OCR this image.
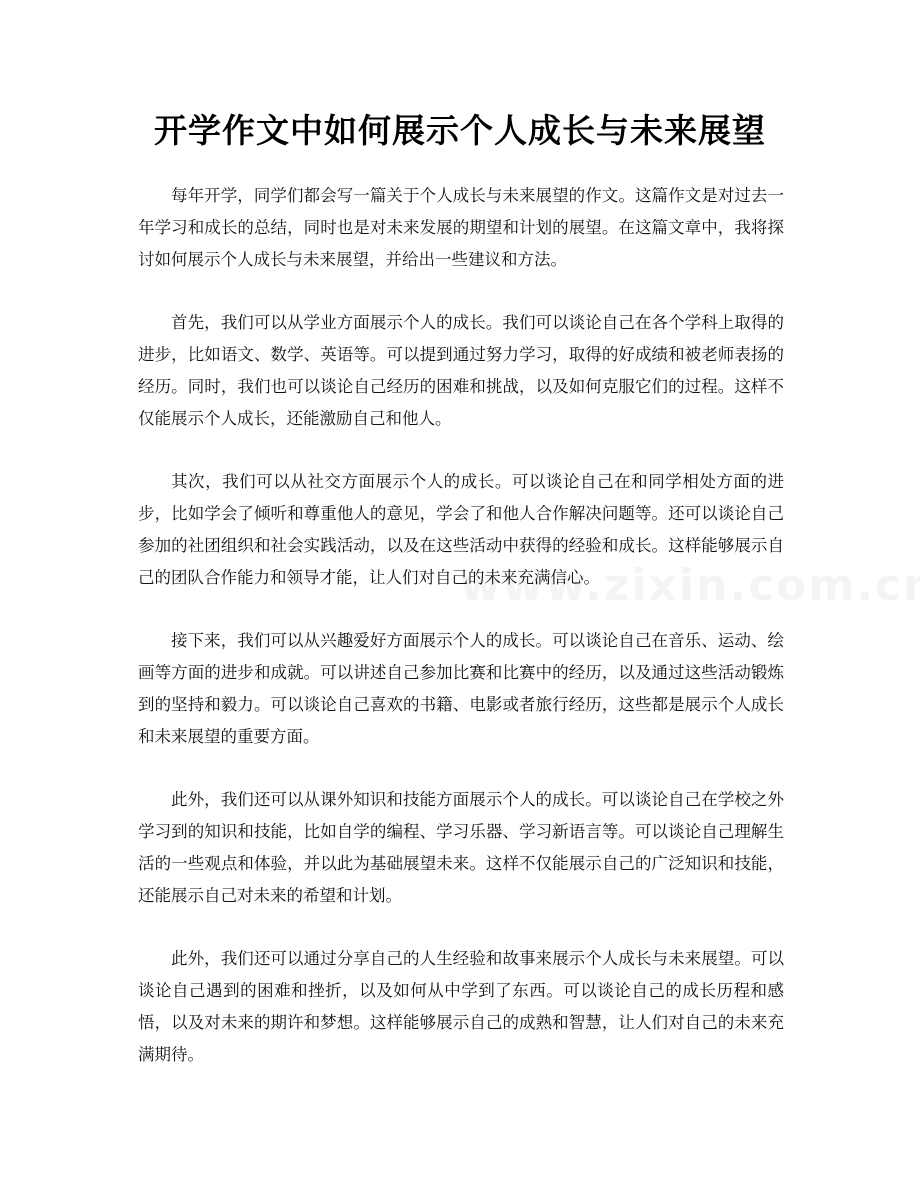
开学作文中如何展示个人成长与未来展望

每年开学，同学们都会写一篇关于个人成长与未来展望的作文。这篇作文是对过去一年学习和成长的总结，同时也是对未来发展的期望和计划的展望。在这篇文章中，我将探讨如何展示个人成长与未来展望，并给出一些建议和方法。

首先，我们可以从学业方面展示个人的成长。我们可以谈论自己在各个学科上取得的进步，比如语文、数学、英语等。可以提到通过努力学习，取得的好成绩和被老师表扬的经历。同时，我们也可以谈论自己经历的困难和挑战，以及如何克服它们的过程。这样不仅能展示个人成长，还能激励自己和他人。

其次，我们可以从社交方面展示个人的成长。可以谈论自己在和同学相处方面的进步，比如学会了倾听和尊重他人的意见，学会了和他人合作解决问题等。还可以谈论自己参加的社团组织和社会实践活动，以及在这些活动中获得的经验和成长。这样能够展示自己的团队合作能力和领导才能，让人们对自己的未来充满信心。

接下来，我们可以从兴趣爱好方面展示个人的成长。可以谈论自己在音乐、运动、绘画等方面的进步和成就。可以讲述自己参加比赛和比赛中的经历，以及通过这些活动锻炼到的坚持和毅力。可以谈论自己喜欢的书籍、电影或者旅行经历，这些都是展示个人成长和未来展望的重要方面。

此外，我们还可以从课外知识和技能方面展示个人的成长。可以谈论自己在学校之外学习到的知识和技能，比如自学的编程、学习乐器、学习新语言等。可以谈论自己理解生活的一些观点和体验，并以此为基础展望未来。这样不仅能展示自己的广泛知识和技能，还能展示自己对未来的希望和计划。

此外，我们还可以通过分享自己的人生经验和故事来展示个人成长与未来展望。可以谈论自己遇到的困难和挫折，以及如何从中学到了东西。可以谈论自己的成长历程和感悟，以及对未来的期许和梦想。这样能够展示自己的成熟和智慧，让人们对自己的未来充满期待。
